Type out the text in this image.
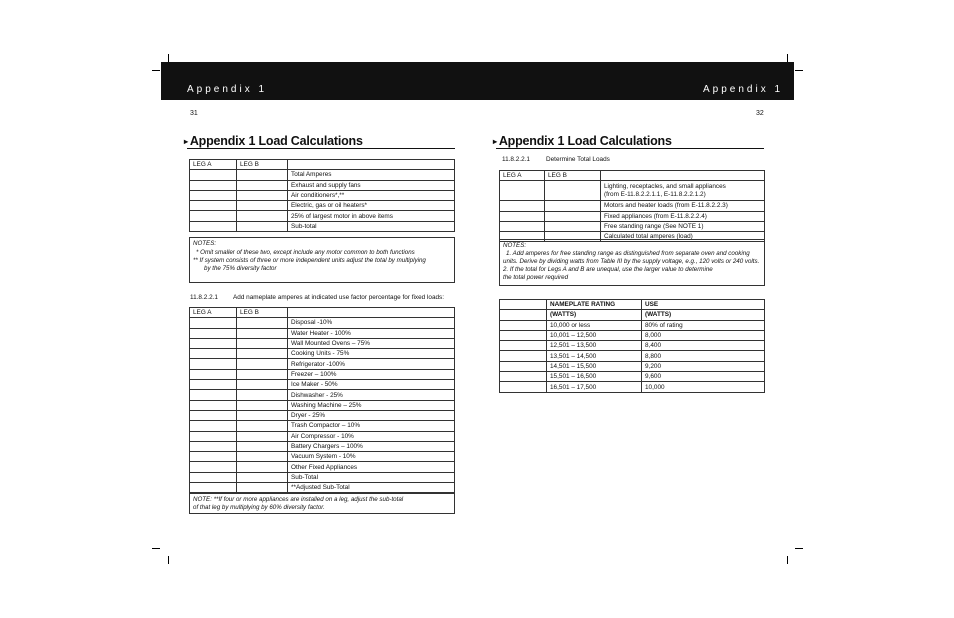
Appendix 1	Appendix 1
31
▸ Appendix 1 Load Calculations
LEG A	LEG B	
		Total Amperes
		Exhaust and supply fans
		Air conditioners*,**
		Electric, gas or oil heaters*
		25% of largest motor in above items
		Sub-total
NOTES:
* Omit smaller of these two, except include any motor common to both functions
** If system consists of three or more independent units adjust the total by multiplying
by the 75% diversity factor
11.8.2.2.1 Add nameplate amperes at indicated use factor percentage for fixed loads:
LEG A	LEG B	
		Disposal -10%
		Water Heater - 100%
		Wall Mounted Ovens – 75%
		Cooking Units - 75%
		Refrigerator -100%
		Freezer – 100%
		Ice Maker - 50%
		Dishwasher - 25%
		Washing Machine – 25%
		Dryer - 25%
		Trash Compactor – 10%
		Air Compressor - 10%
		Battery Chargers – 100%
		Vacuum System - 10%
		Other Fixed Appliances
		Sub-Total
		**Adjusted Sub-Total
NOTE: **If four or more appliances are installed on a leg, adjust the sub-total
of that leg by multiplying by 60% diversity factor.
32
▸ Appendix 1 Load Calculations
11.8.2.2.1	Determine Total Loads
LEG A	LEG B	

		Lighting, receptacles, and small appliances
(from E-11.8.2.2.1.1, E-11.8.2.2.1.2)

		Motors and heater loads (from E-11.8.2.2.3)
		Fixed appliances (from E-11.8.2.2.4)
		Free standing range (See NOTE 1)
		Calculated total amperes (load)
NOTES:
1. Add amperes for free standing range as distinguished from separate oven and cooking
units. Derive by dividing watts from Table III by the supply voltage, e.g., 120 volts or 240 volts.
2. If the total for Legs A and B are unequal, use the larger value to determine
the total power required
	NAMEPLATE RATING	USE
	(WATTS)	(WATTS)
	10,000 or less	80% of rating
	10,001 – 12,500	8,000
	12,501 – 13,500	8,400
	13,501 – 14,500	8,800
	14,501 – 15,500	9,200
	15,501 – 16,500	9,600
	16,501 – 17,500	10,000
